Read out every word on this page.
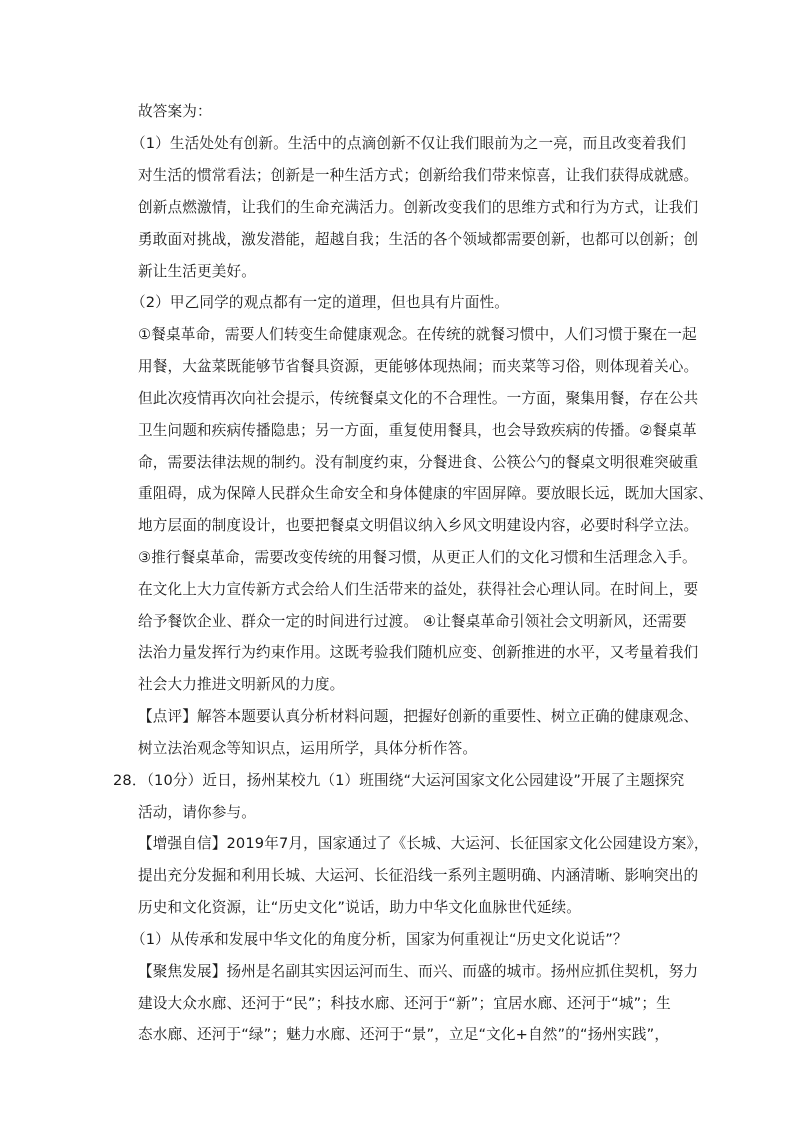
故答案为：
（1）生活处处有创新。生活中的点滴创新不仅让我们眼前为之一亮，而且改变着我们
对生活的惯常看法；创新是一种生活方式；创新给我们带来惊喜，让我们获得成就感。
创新点燃激情，让我们的生命充满活力。创新改变我们的思维方式和行为方式，让我们
勇敢面对挑战，激发潜能，超越自我；生活的各个领域都需要创新，也都可以创新；创
新让生活更美好。
（2）甲乙同学的观点都有一定的道理，但也具有片面性。
①餐桌革命，需要人们转变生命健康观念。在传统的就餐习惯中，人们习惯于聚在一起
用餐，大盆菜既能够节省餐具资源，更能够体现热闹；而夹菜等习俗，则体现着关心。
但此次疫情再次向社会提示，传统餐桌文化的不合理性。一方面，聚集用餐，存在公共
卫生问题和疾病传播隐患；另一方面，重复使用餐具，也会导致疾病的传播。②餐桌革
命，需要法律法规的制约。没有制度约束，分餐进食、公筷公勺的餐桌文明很难突破重
重阻碍，成为保障人民群众生命安全和身体健康的牢固屏障。要放眼长远，既加大国家、
地方层面的制度设计，也要把餐桌文明倡议纳入乡风文明建设内容，必要时科学立法。
③推行餐桌革命，需要改变传统的用餐习惯，从更正人们的文化习惯和生活理念入手。
在文化上大力宣传新方式会给人们生活带来的益处，获得社会心理认同。在时间上，要
给予餐饮企业、群众一定的时间进行过渡。 ④让餐桌革命引领社会文明新风，还需要
法治力量发挥行为约束作用。这既考验我们随机应变、创新推进的水平，又考量着我们
社会大力推进文明新风的力度。
【点评】解答本题要认真分析材料问题，把握好创新的重要性、树立正确的健康观念、
树立法治观念等知识点，运用所学，具体分析作答。
28．（10分）近日，扬州某校九（1）班围绕“大运河国家文化公园建设”开展了主题探究
活动，请你参与。
【增强自信】2019年7月，国家通过了《长城、大运河、长征国家文化公园建设方案》，
提出充分发掘和利用长城、大运河、长征沿线一系列主题明确、内涵清晰、影响突出的
历史和文化资源，让“历史文化”说话，助力中华文化血脉世代延续。
（1）从传承和发展中华文化的角度分析，国家为何重视让“历史文化说话”？
【聚焦发展】扬州是名副其实因运河而生、而兴、而盛的城市。扬州应抓住契机，努力
建设大众水廊、还河于“民”；科技水廊、还河于“新”；宜居水廊、还河于“城”；生
态水廊、还河于“绿”；魅力水廊、还河于“景”，立足“文化+自然”的“扬州实践”，
